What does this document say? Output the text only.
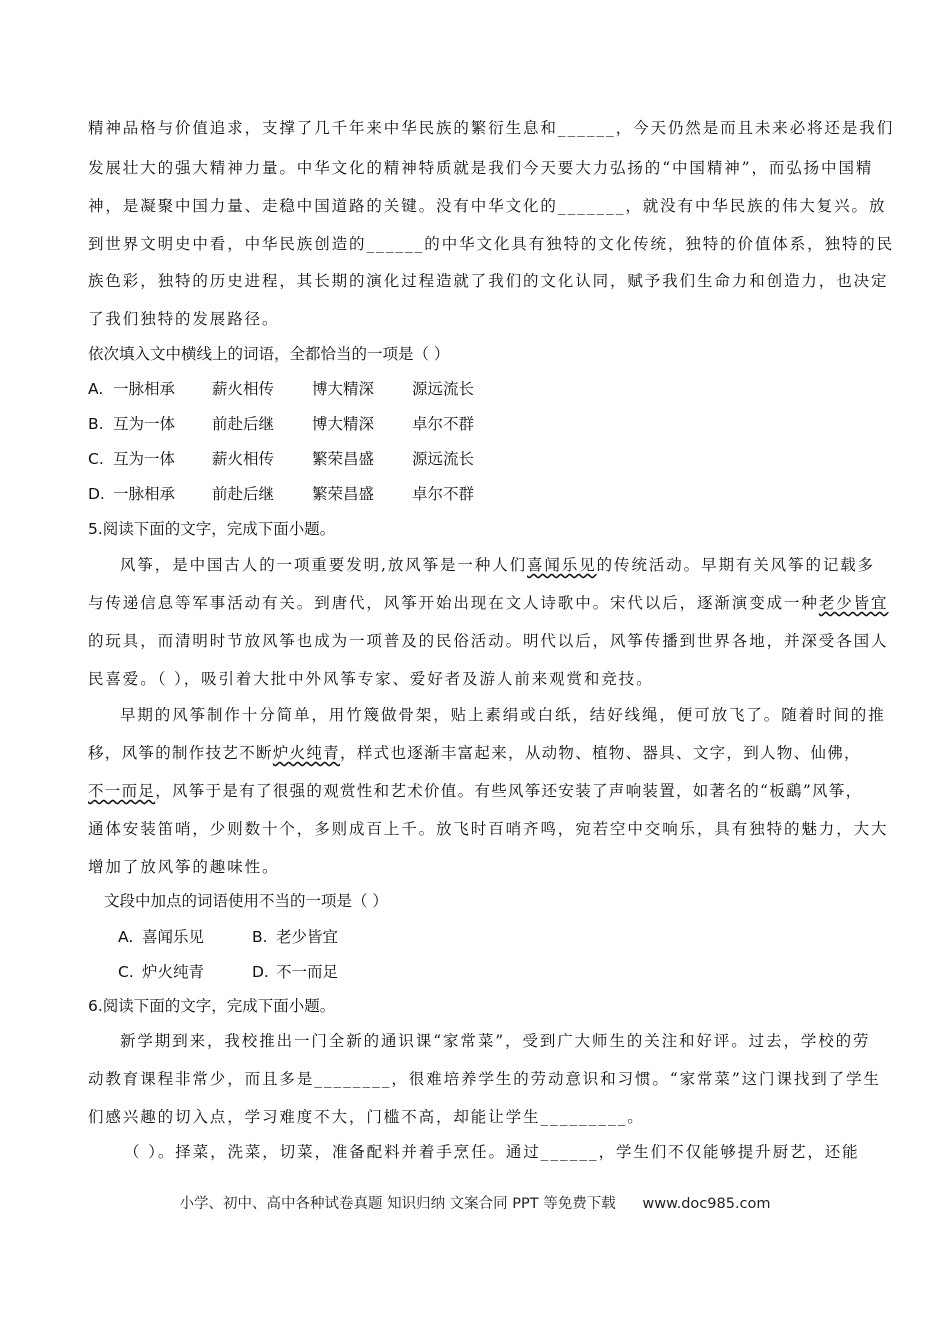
精神品格与价值追求，支撑了几千年来中华民族的繁衍生息和______，今天仍然是而且未来必将还是我们
发展壮大的强大精神力量。中华文化的精神特质就是我们今天要大力弘扬的“中国精神”，而弘扬中国精
神，是凝聚中国力量、走稳中国道路的关键。没有中华文化的_______，就没有中华民族的伟大复兴。放
到世界文明史中看，中华民族创造的______的中华文化具有独特的文化传统，独特的价值体系，独特的民
族色彩，独特的历史进程，其长期的演化过程造就了我们的文化认同，赋予我们生命力和创造力，也决定
了我们独特的发展路径。
依次填入文中横线上的词语，全都恰当的一项是（ ）
A. 一脉相承 薪火相传 博大精深 源远流长
B. 互为一体 前赴后继 博大精深 卓尔不群
C. 互为一体 薪火相传 繁荣昌盛 源远流长
D. 一脉相承 前赴后继 繁荣昌盛 卓尔不群
5.阅读下面的文字，完成下面小题。
风筝，是中国古人的一项重要发明,放风筝是一种人们喜闻乐见的传统活动。早期有关风筝的记载多
与传递信息等军事活动有关。到唐代，风筝开始出现在文人诗歌中。宋代以后，逐渐演变成一种老少皆宜
的玩具，而清明时节放风筝也成为一项普及的民俗活动。明代以后，风筝传播到世界各地，并深受各国人
民喜爱。（ ），吸引着大批中外风筝专家、爱好者及游人前来观赏和竞技。
早期的风筝制作十分简单，用竹篾做骨架，贴上素绢或白纸，结好线绳，便可放飞了。随着时间的推
移，风筝的制作技艺不断炉火纯青，样式也逐渐丰富起来，从动物、植物、器具、文字，到人物、仙佛，
不一而足，风筝于是有了很强的观赏性和艺术价值。有些风筝还安装了声响装置，如著名的“板鷂”风筝，
通体安装笛哨，少则数十个，多则成百上千。放飞时百哨齐鸣，宛若空中交响乐，具有独特的魅力，大大
增加了放风筝的趣味性。
文段中加点的词语使用不当的一项是（ ）
A. 喜闻乐见	B. 老少皆宜
C. 炉火纯青	D. 不一而足
6.阅读下面的文字，完成下面小题。
新学期到来，我校推出一门全新的通识课“家常菜”，受到广大师生的关注和好评。过去，学校的劳
动教育课程非常少，而且多是________，很难培养学生的劳动意识和习惯。“家常菜”这门课找到了学生
们感兴趣的切入点，学习难度不大，门槛不高，却能让学生_________。
（ ）。择菜，洗菜，切菜，准备配料并着手烹任。通过______，学生们不仅能够提升厨艺，还能
小学、初中、高中各种试卷真题 知识归纳 文案合同 PPT 等免费下载 www.doc985.com
